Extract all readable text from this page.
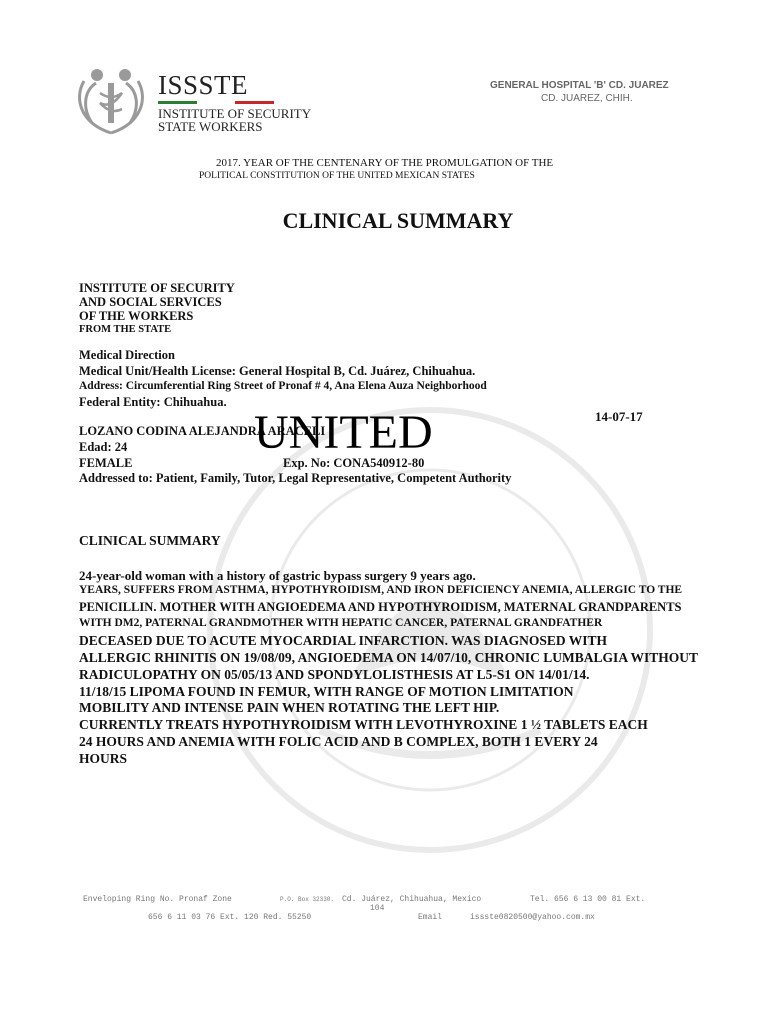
ISSSTE
INSTITUTE OF SECURITY
STATE WORKERS
GENERAL HOSPITAL 'B' CD. JUAREZ
CD. JUAREZ, CHIH.
2017. YEAR OF THE CENTENARY OF THE PROMULGATION OF THE
POLITICAL CONSTITUTION OF THE UNITED MEXICAN STATES
CLINICAL SUMMARY
INSTITUTE OF SECURITY
AND SOCIAL SERVICES
OF THE WORKERS
FROM THE STATE
Medical Direction
Medical Unit/Health License: General Hospital B, Cd. Juárez, Chihuahua.
Address: Circumferential Ring Street of Pronaf # 4, Ana Elena Auza Neighborhood
Federal Entity: Chihuahua.
14-07-17
LOZANO CODINA ALEJANDRA ARACELI
UNITED
Edad: 24
FEMALE	Exp. No: CONA540912-80
Addressed to: Patient, Family, Tutor, Legal Representative, Competent Authority
CLINICAL SUMMARY
24-year-old woman with a history of gastric bypass surgery 9 years ago.
YEARS, SUFFERS FROM ASTHMA, HYPOTHYROIDISM, AND IRON DEFICIENCY ANEMIA, ALLERGIC TO THE
PENICILLIN. MOTHER WITH ANGIOEDEMA AND HYPOTHYROIDISM, MATERNAL GRANDPARENTS
WITH DM2, PATERNAL GRANDMOTHER WITH HEPATIC CANCER, PATERNAL GRANDFATHER
DECEASED DUE TO ACUTE MYOCARDIAL INFARCTION. WAS DIAGNOSED WITH
ALLERGIC RHINITIS ON 19/08/09, ANGIOEDEMA ON 14/07/10, CHRONIC LUMBALGIA WITHOUT
RADICULOPATHY ON 05/05/13 AND SPONDYLOLISTHESIS AT L5-S1 ON 14/01/14.
11/18/15 LIPOMA FOUND IN FEMUR, WITH RANGE OF MOTION LIMITATION
MOBILITY AND INTENSE PAIN WHEN ROTATING THE LEFT HIP.
CURRENTLY TREATS HYPOTHYROIDISM WITH LEVOTHYROXINE 1 ½ TABLETS EACH
24 HOURS AND ANEMIA WITH FOLIC ACID AND B COMPLEX, BOTH 1 EVERY 24
HOURS
Enveloping Ring No. Pronaf Zone	P.O. Box 32330. Cd. Juárez, Chihuahua, Mexico	Tel. 656 6 13 00 81 Ext.
104
656 6 11 03 76 Ext. 120 Red. 55250	Email	issste0820500@yahoo.com.mx
